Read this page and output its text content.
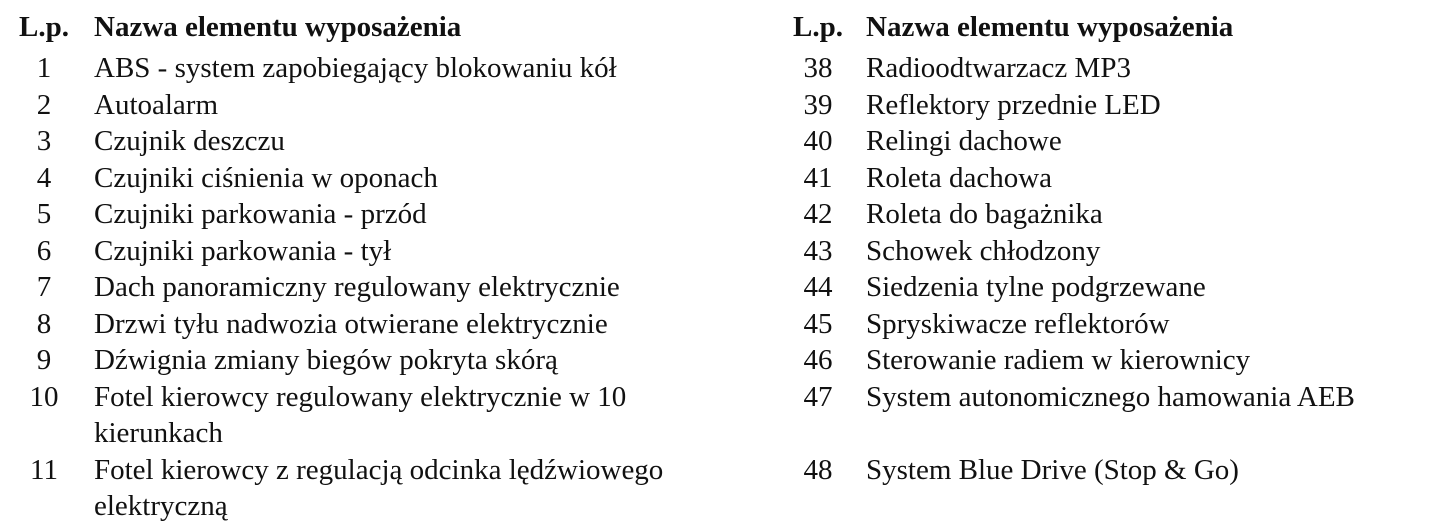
L.p. Nazwa elementu wyposażenia
1	ABS - system zapobiegający blokowaniu kół
2	Autoalarm
3	Czujnik deszczu
4	Czujniki ciśnienia w oponach
5	Czujniki parkowania - przód
6	Czujniki parkowania - tył
7	Dach panoramiczny regulowany elektrycznie
8	Drzwi tyłu nadwozia otwierane elektrycznie
9	Dźwignia zmiany biegów pokryta skórą
10	Fotel kierowcy regulowany elektrycznie w 10
kierunkach
11	Fotel kierowcy z regulacją odcinka lędźwiowego
elektryczną
L.p. Nazwa elementu wyposażenia
38	Radioodtwarzacz MP3
39	Reflektory przednie LED
40	Relingi dachowe
41	Roleta dachowa
42	Roleta do bagażnika
43	Schowek chłodzony
44	Siedzenia tylne podgrzewane
45	Spryskiwacze reflektorów
46	Sterowanie radiem w kierownicy
47	System autonomicznego hamowania AEB

48	System Blue Drive (Stop & Go)
